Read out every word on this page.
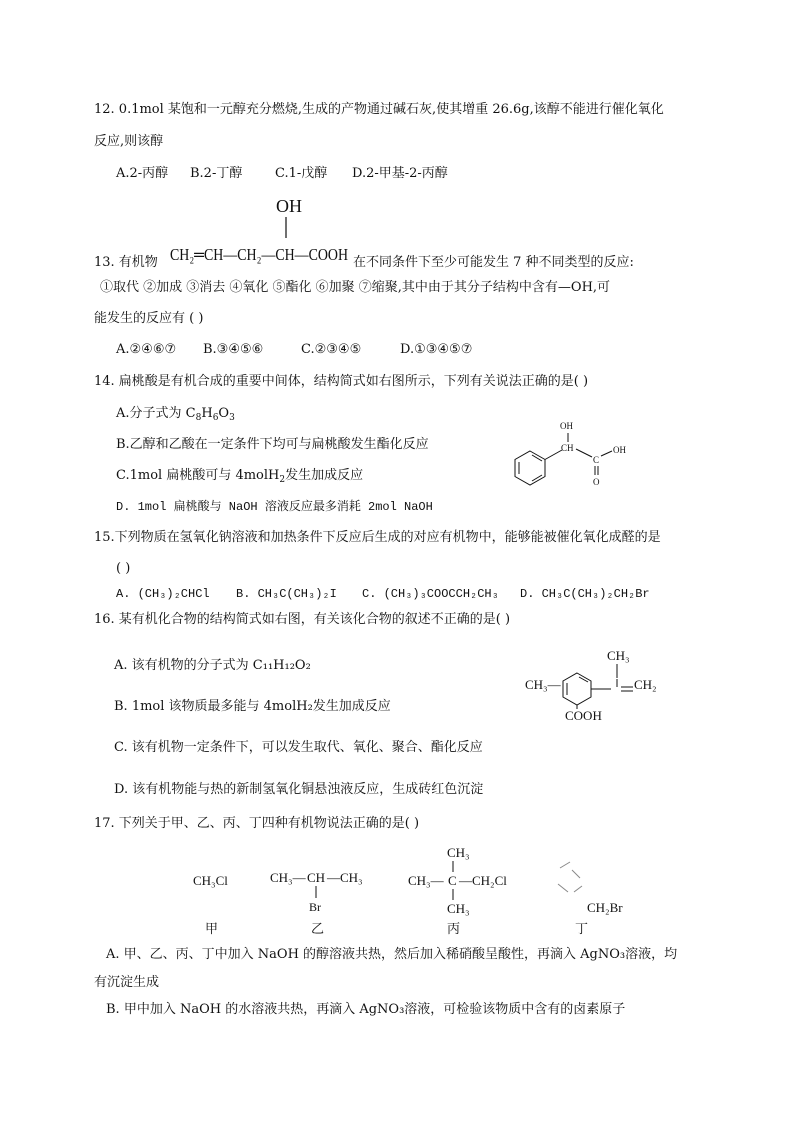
12. 0.1mol 某饱和一元醇充分燃烧,生成的产物通过碱石灰,使其增重 26.6g,该醇不能进行催化氧化
反应,则该醇
A.2-丙醇 B.2-丁醇	C.1-戊醇 D.2-甲基-2-丙醇
OH
CH₂═CH—CH₂—CH—COOH
13. 有机物	在不同条件下至少可能发生 7 种不同类型的反应:
①取代 ②加成 ③消去 ④氧化 ⑤酯化 ⑥加聚 ⑦缩聚,其中由于其分子结构中含有—OH,可
能发生的反应有 ( )
A.②④⑥⑦ B.③④⑤⑥	C.②③④⑤	D.①③④⑤⑦
14. 扁桃酸是有机合成的重要中间体，结构简式如右图所示，下列有关说法正确的是( )
A.分子式为 $C_8H_6O_3$
B.乙醇和乙酸在一定条件下均可与扁桃酸发生酯化反应
C.1mol 扁桃酸可与 4molH$_2$发生加成反应
D. 1mol 扁桃酸与 NaOH 溶液反应最多消耗 2mol NaOH
OH
CH
C
OH
O
15.下列物质在氢氧化钠溶液和加热条件下反应后生成的对应有机物中，能够能被催化氧化成醛的是
( )
A. (CH₃)₂CHCl B. CH₃C(CH₃)₂I C. (CH₃)₃COOCCH₂CH₃ D. CH₃C(CH₃)₂CH₂Br
16. 某有机化合物的结构简式如右图，有关该化合物的叙述不正确的是( )
A. 该有机物的分子式为 C₁₁H₁₂O₂
B. 1mol 该物质最多能与 4molH₂发生加成反应
C. 该有机物一定条件下，可以发生取代、氧化、聚合、酯化反应
D. 该有机物能与热的新制氢氧化铜悬浊液反应，生成砖红色沉淀
CH₃
CH₃—	CH₂
COOH
17. 下列关于甲、乙、丙、丁四种有机物说法正确的是( )
CH₃Cl	CH₃— CH —CH₃
Br
CH₃
CH₃— C —CH₂Cl
CH₃	CH₂Br
甲	乙	丙	丁
A. 甲、乙、丙、丁中加入 NaOH 的醇溶液共热，然后加入稀硝酸呈酸性，再滴入 AgNO₃溶液，均
有沉淀生成
B. 甲中加入 NaOH 的水溶液共热，再滴入 AgNO₃溶液，可检验该物质中含有的卤素原子
